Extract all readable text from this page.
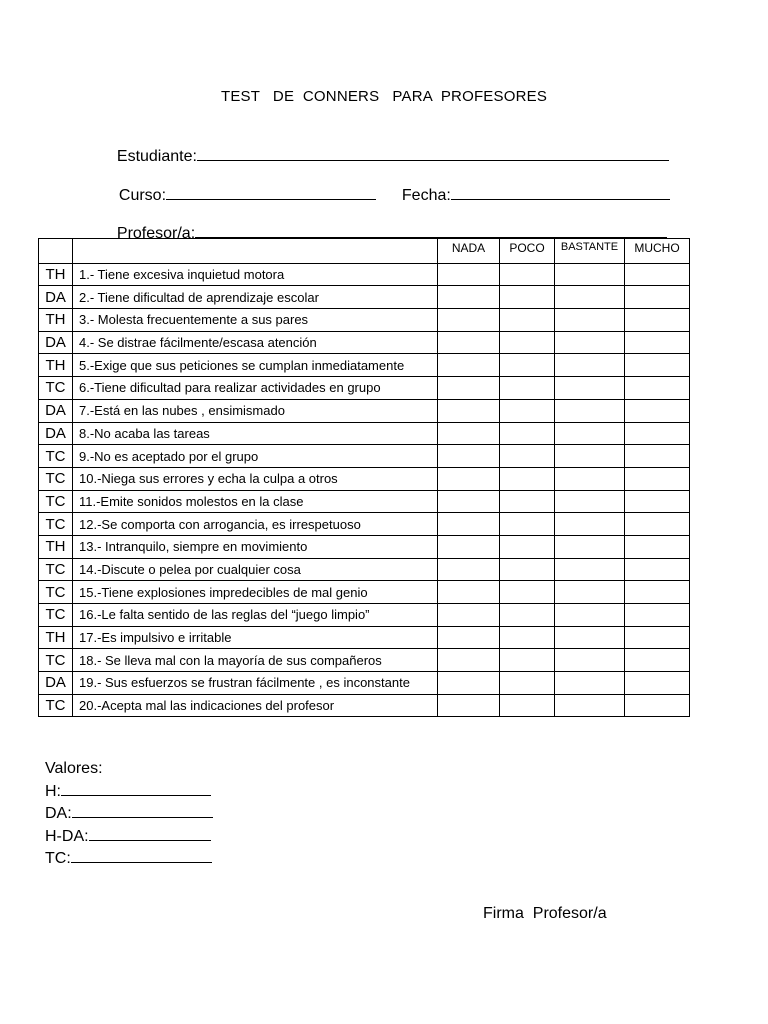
TEST   DE  CONNERS   PARA  PROFESORES

Estudiante:

Curso:	Fecha:

Profesor/a:

		NADA	POCO	BASTANTE	MUCHO
TH	1.- Tiene excesiva inquietud motora				
DA	2.- Tiene dificultad de aprendizaje escolar				
TH	3.- Molesta frecuentemente a sus pares				
DA	4.- Se distrae fácilmente/escasa atención				
TH	5.-Exige que sus peticiones se cumplan inmediatamente				
TC	6.-Tiene dificultad para realizar actividades en grupo				
DA	7.-Está en las nubes , ensimismado				
DA	8.-No acaba las tareas				
TC	9.-No es aceptado por el grupo				
TC	10.-Niega sus errores y echa la culpa a otros				
TC	11.-Emite sonidos molestos en la clase				
TC	12.-Se comporta con arrogancia, es irrespetuoso				
TH	13.- Intranquilo, siempre en movimiento				
TC	14.-Discute o pelea por cualquier cosa				
TC	15.-Tiene explosiones impredecibles de mal genio				
TC	16.-Le falta sentido de las reglas del “juego limpio”				
TH	17.-Es impulsivo e irritable				
TC	18.- Se lleva mal con la mayoría de sus compañeros				
DA	19.- Sus esfuerzos se frustran fácilmente , es inconstante				
TC	20.-Acepta mal las indicaciones del profesor				
Valores:
H:
DA:
H-DA:
TC:
Firma  Profesor/a
